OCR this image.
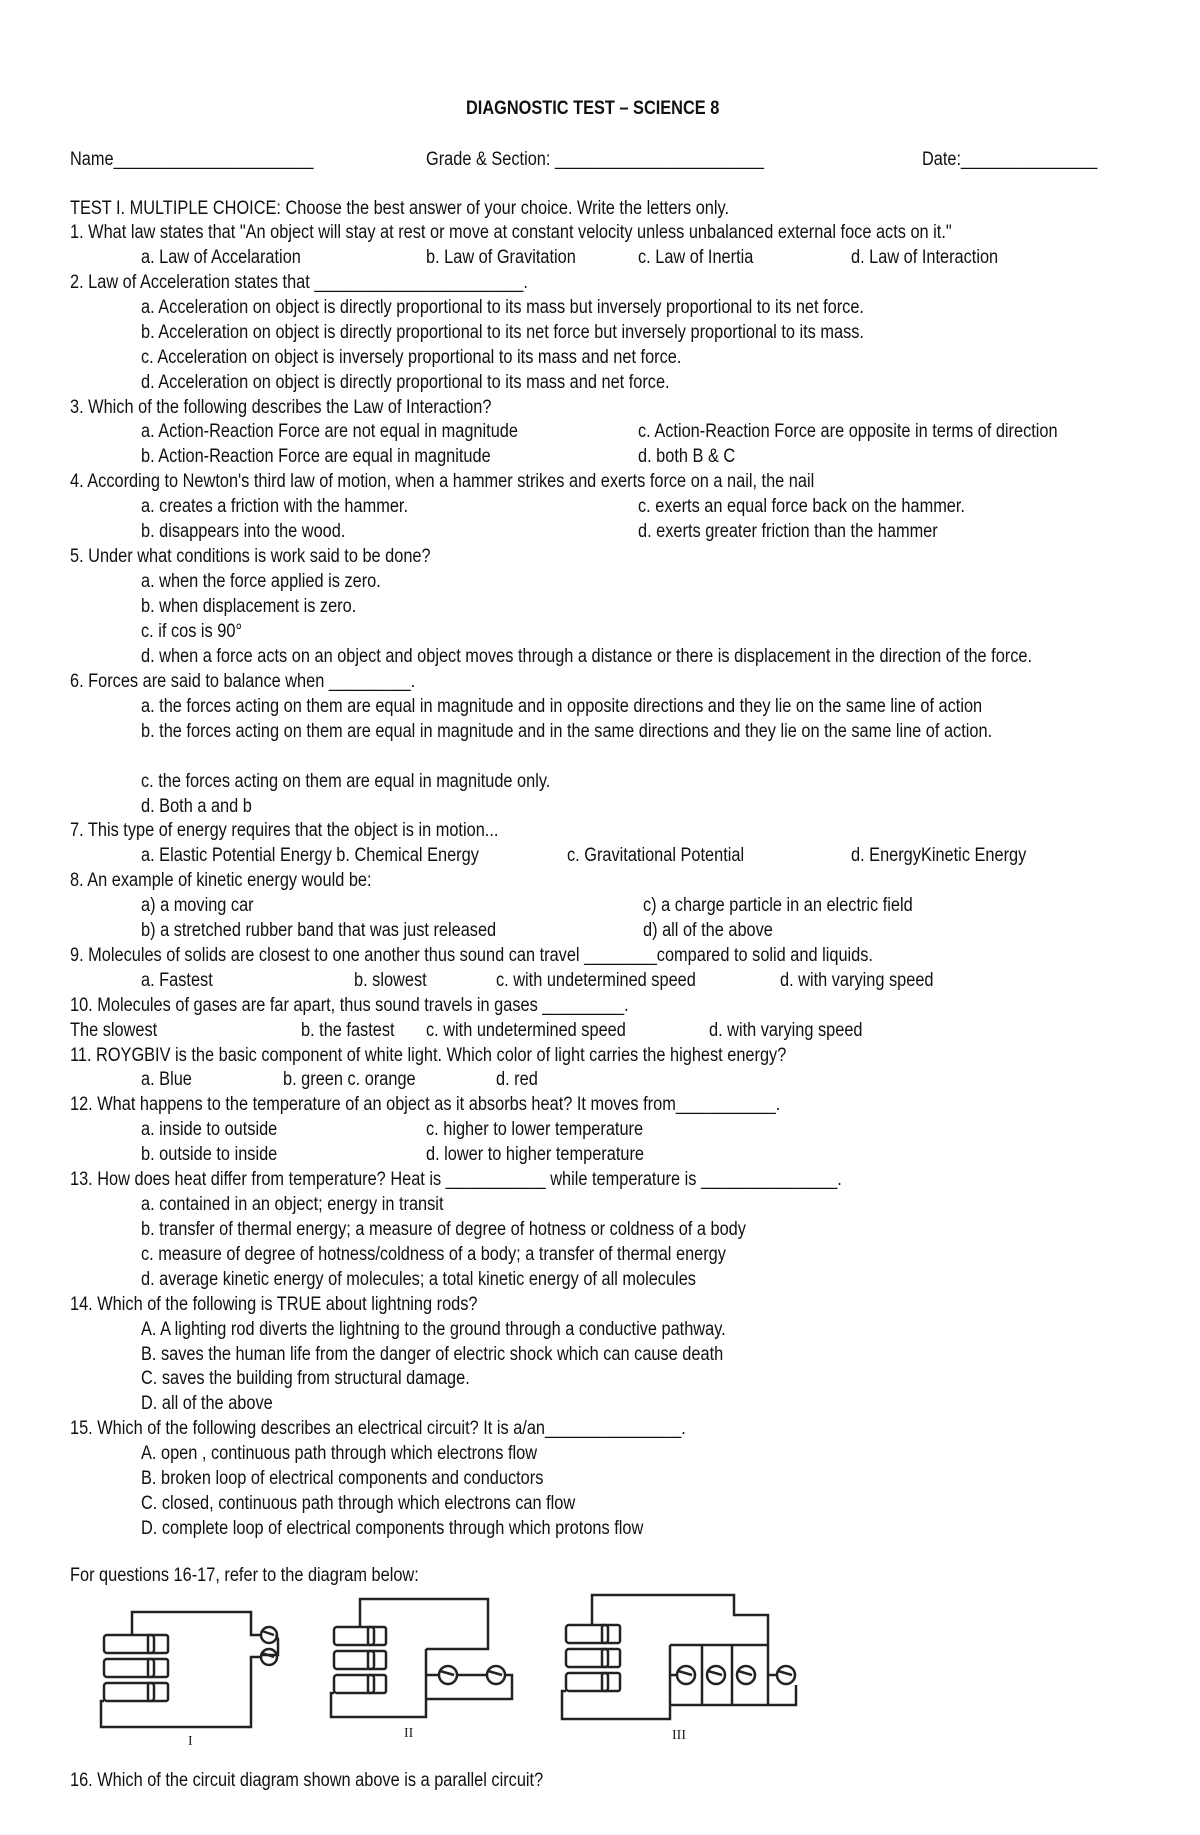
DIAGNOSTIC TEST – SCIENCE 8
Name______________________	Grade & Section: _______________________	Date:_______________
TEST I. MULTIPLE CHOICE: Choose the best answer of your choice. Write the letters only.
1. What law states that "An object will stay at rest or move at constant velocity unless unbalanced external foce acts on it."
a. Law of Accelaration	b. Law of Gravitation	c. Law of Inertia	d. Law of Interaction
2. Law of Acceleration states that _______________________.
a. Acceleration on object is directly proportional to its mass but inversely proportional to its net force.
b. Acceleration on object is directly proportional to its net force but inversely proportional to its mass.
c. Acceleration on object is inversely proportional to its mass and net force.
d. Acceleration on object is directly proportional to its mass and net force.
3. Which of the following describes the Law of Interaction?
a. Action-Reaction Force are not equal in magnitude	c. Action-Reaction Force are opposite in terms of direction
b. Action-Reaction Force are equal in magnitude	d. both B & C
4. According to Newton's third law of motion, when a hammer strikes and exerts force on a nail, the nail
a. creates a friction with the hammer.	c. exerts an equal force back on the hammer.
b. disappears into the wood.	d. exerts greater friction than the hammer
5. Under what conditions is work said to be done?
a. when the force applied is zero.
b. when displacement is zero.
c. if cos is 90°
d. when a force acts on an object and object moves through a distance or there is displacement in the direction of the force.
6. Forces are said to balance when _________.
a. the forces acting on them are equal in magnitude and in opposite directions and they lie on the same line of action
b. the forces acting on them are equal in magnitude and in the same directions and they lie on the same line of action.
c. the forces acting on them are equal in magnitude only.
d. Both a and b
7. This type of energy requires that the object is in motion...
a. Elastic Potential Energy b. Chemical Energy	c. Gravitational Potential	d. EnergyKinetic Energy
8. An example of kinetic energy would be:
a) a moving car	c) a charge particle in an electric field
b) a stretched rubber band that was just released	d) all of the above
9. Molecules of solids are closest to one another thus sound can travel ________compared to solid and liquids.
a. Fastest	b. slowest	c. with undetermined speed	d. with varying speed
10. Molecules of gases are far apart, thus sound travels in gases _________.
The slowest	b. the fastest c. with undetermined speed	d. with varying speed
11. ROYGBIV is the basic component of white light. Which color of light carries the highest energy?
a. Blue	b. green c. orange	d. red
12. What happens to the temperature of an object as it absorbs heat? It moves from___________.
a. inside to outside	c. higher to lower temperature
b. outside to inside	d. lower to higher temperature
13. How does heat differ from temperature? Heat is ___________ while temperature is _______________.
a. contained in an object; energy in transit
b. transfer of thermal energy; a measure of degree of hotness or coldness of a body
c. measure of degree of hotness/coldness of a body; a transfer of thermal energy
d. average kinetic energy of molecules; a total kinetic energy of all molecules
14. Which of the following is TRUE about lightning rods?
A. A lighting rod diverts the lightning to the ground through a conductive pathway.
B. saves the human life from the danger of electric shock which can cause death
C. saves the building from structural damage.
D. all of the above
15. Which of the following describes an electrical circuit? It is a/an_______________.
A. open , continuous path through which electrons flow
B. broken loop of electrical components and conductors
C. closed, continuous path through which electrons can flow
D. complete loop of electrical components through which protons flow
For questions 16-17, refer to the diagram below:
I
II	III
16. Which of the circuit diagram shown above is a parallel circuit?
